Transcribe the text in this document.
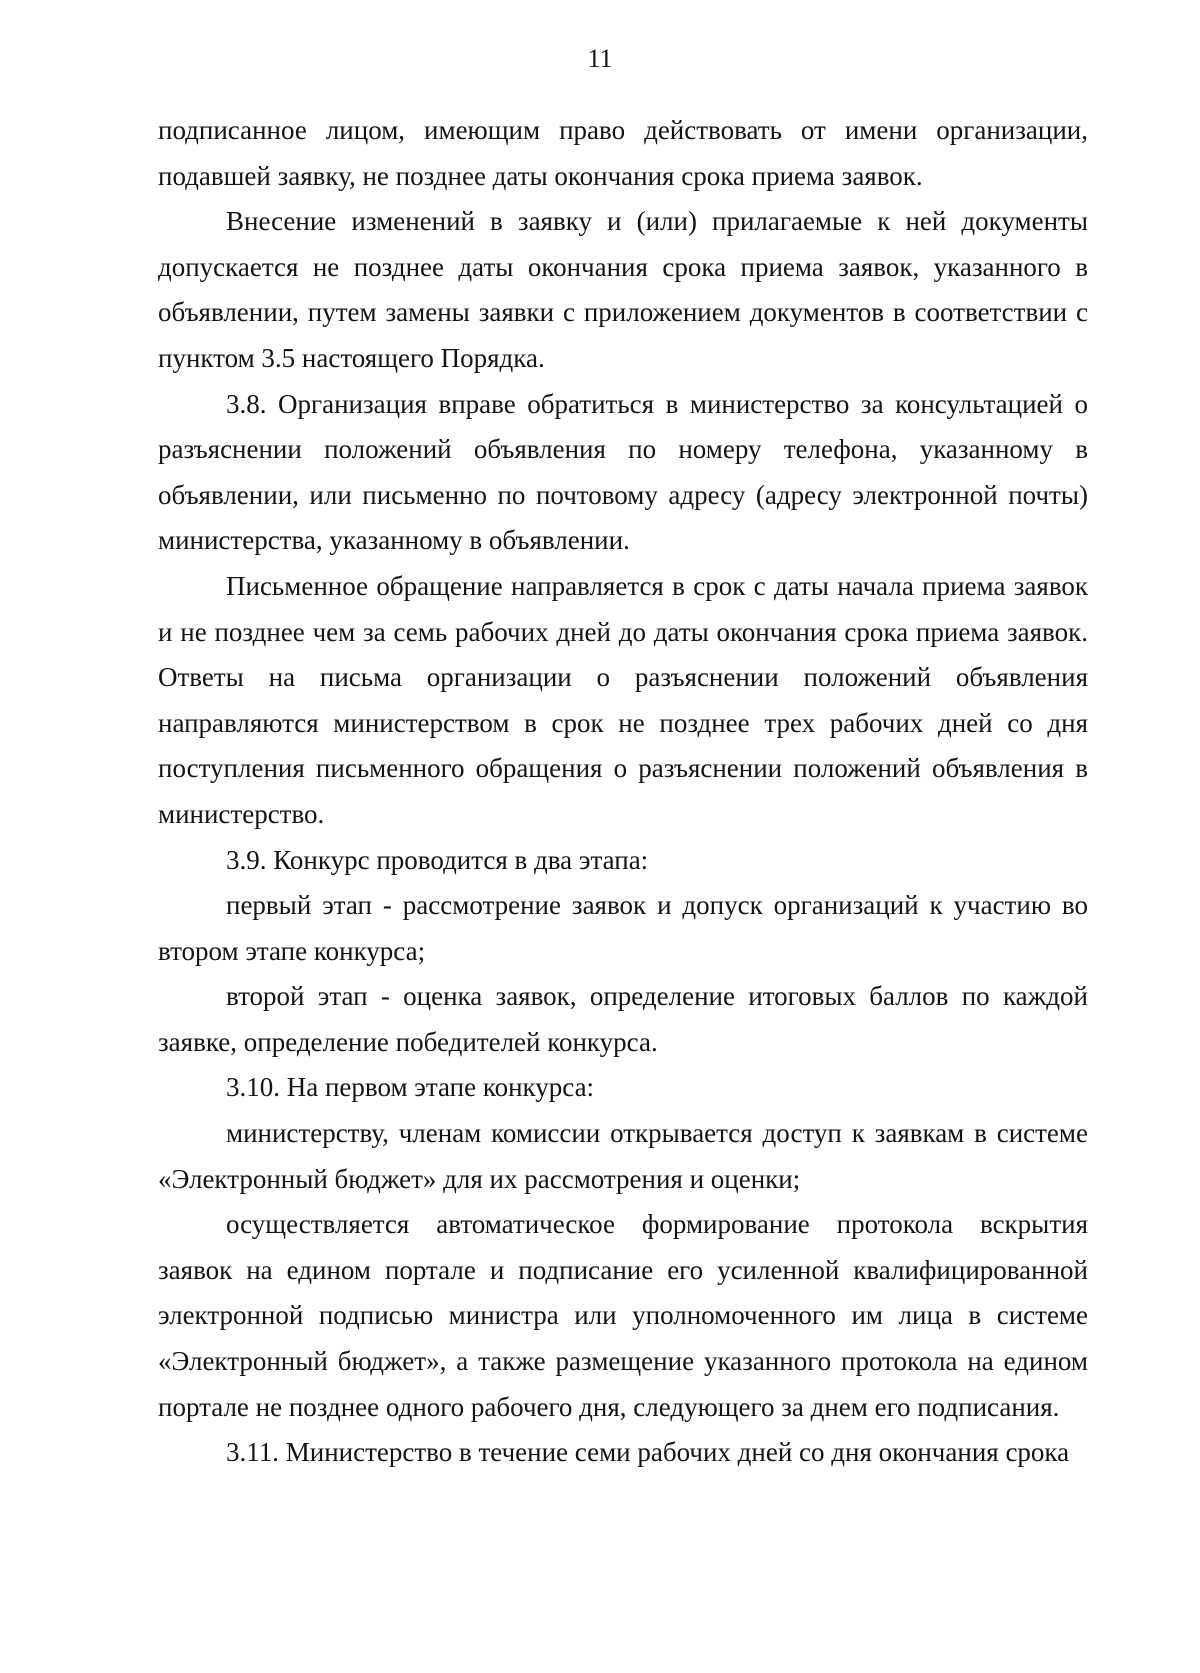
11

подписанное лицом, имеющим право действовать от имени организации, подавшей заявку, не позднее даты окончания срока приема заявок.

Внесение изменений в заявку и (или) прилагаемые к ней документы допускается не позднее даты окончания срока приема заявок, указанного в объявлении, путем замены заявки с приложением документов в соответствии с пунктом 3.5 настоящего Порядка.

3.8. Организация вправе обратиться в министерство за консультацией о разъяснении положений объявления по номеру телефона, указанному в объявлении, или письменно по почтовому адресу (адресу электронной почты) министерства, указанному в объявлении.

Письменное обращение направляется в срок с даты начала приема заявок и не позднее чем за семь рабочих дней до даты окончания срока приема заявок. Ответы на письма организации о разъяснении положений объявления направляются министерством в срок не позднее трех рабочих дней со дня поступления письменного обращения о разъяснении положений объявления в министерство.

3.9. Конкурс проводится в два этапа:

первый этап - рассмотрение заявок и допуск организаций к участию во втором этапе конкурса;

второй этап - оценка заявок, определение итоговых баллов по каждой заявке, определение победителей конкурса.

3.10. На первом этапе конкурса:

министерству, членам комиссии открывается доступ к заявкам в системе «Электронный бюджет» для их рассмотрения и оценки;

осуществляется автоматическое формирование протокола вскрытия заявок на едином портале и подписание его усиленной квалифицированной электронной подписью министра или уполномоченного им лица в системе «Электронный бюджет», а также размещение указанного протокола на едином портале не позднее одного рабочего дня, следующего за днем его подписания.

3.11. Министерство в течение семи рабочих дней со дня окончания срока
